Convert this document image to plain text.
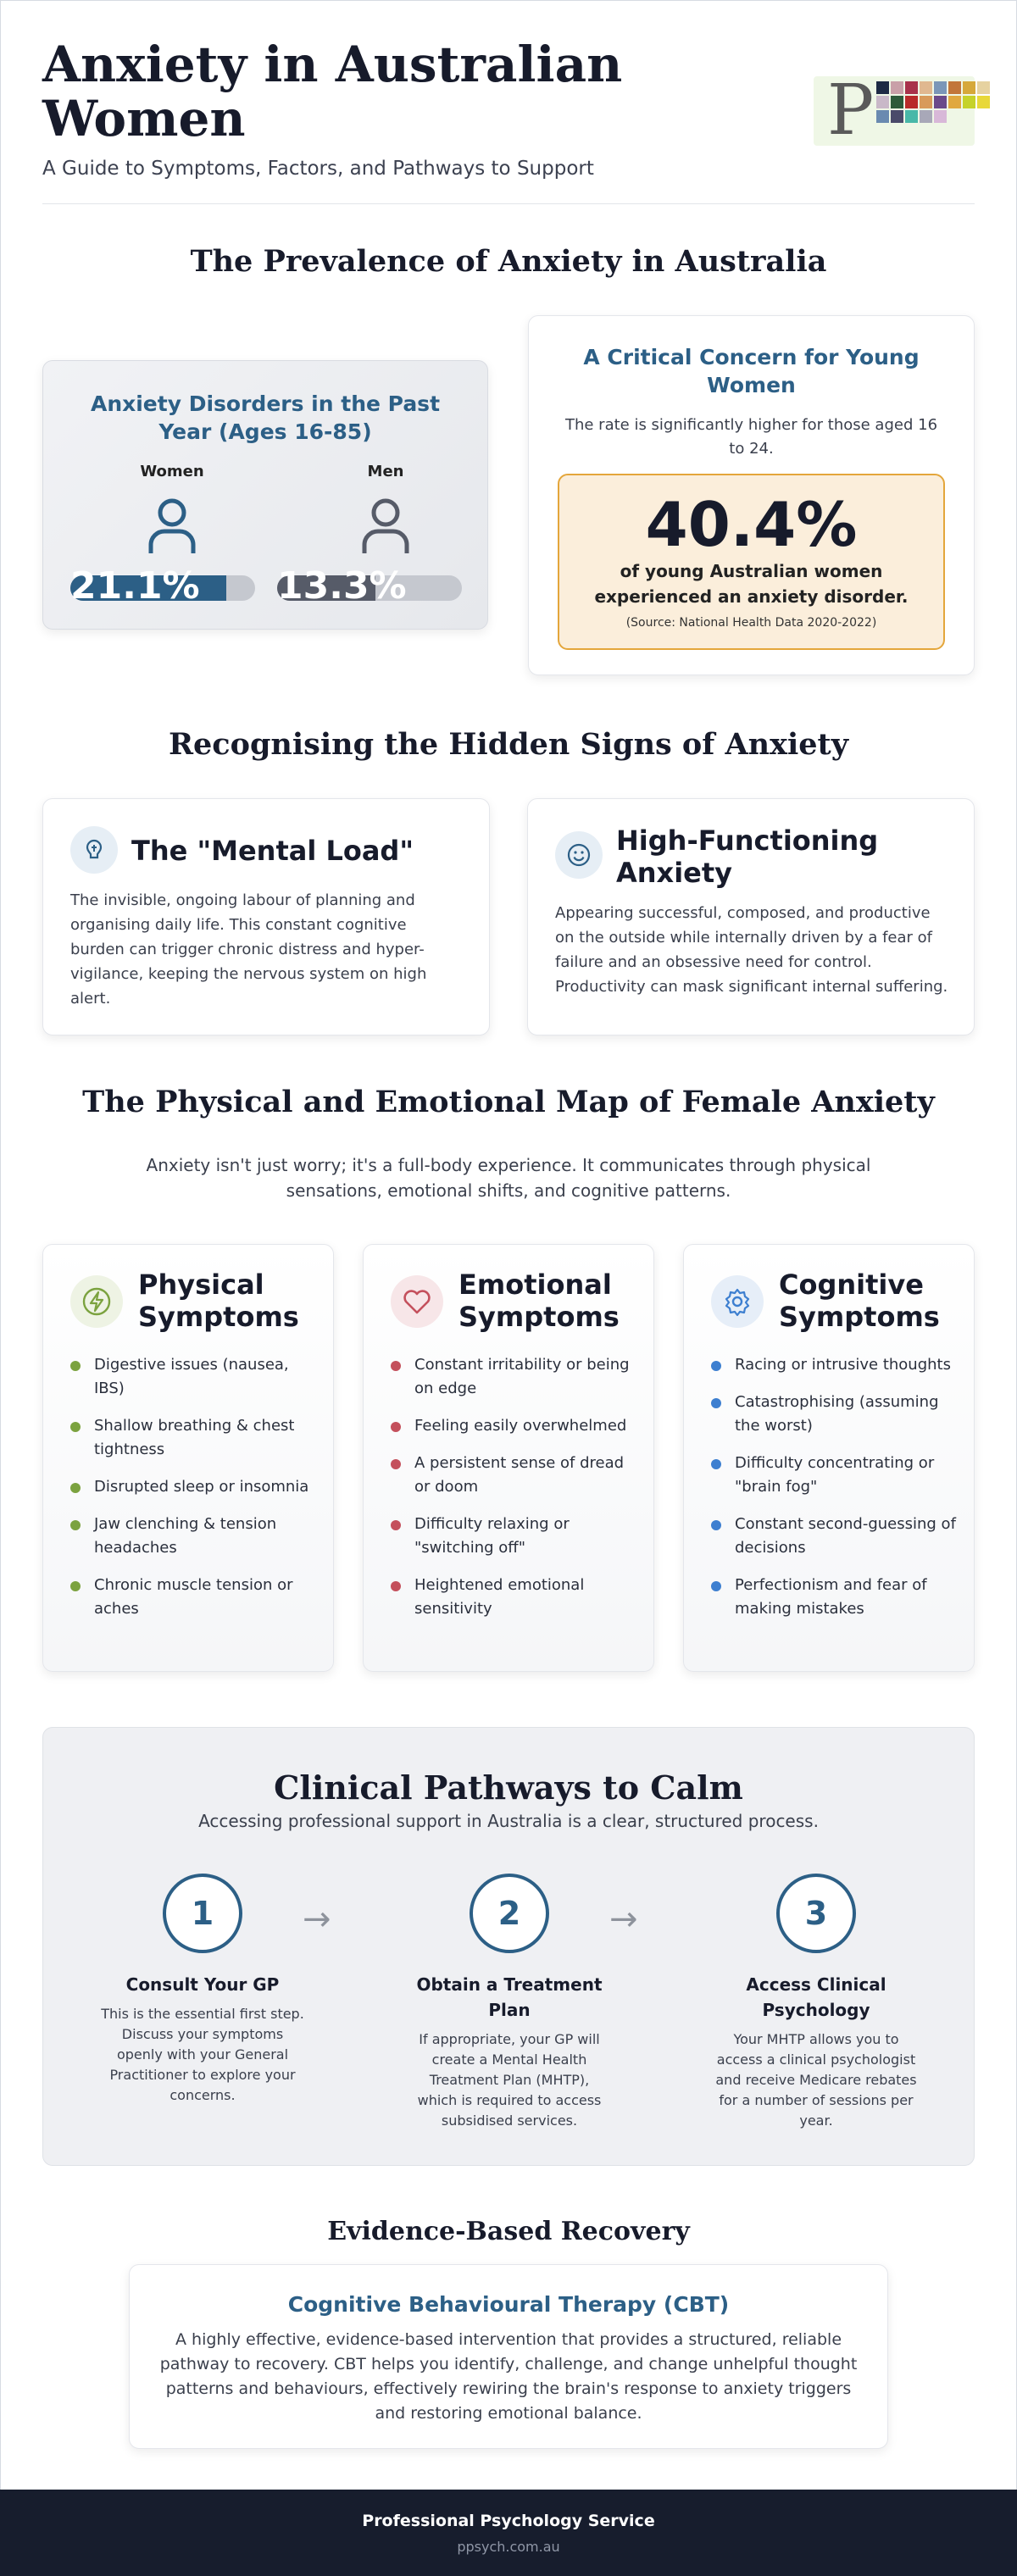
Anxiety in Australian Women
A Guide to Symptoms, Factors, and Pathways to Support
P
The Prevalence of Anxiety in Australia
Anxiety Disorders in the Past Year (Ages 16-85)
Women	Men
21.1% 13.3%
A Critical Concern for Young Women
The rate is significantly higher for those aged 16 to 24.
40.4%
of young Australian women experienced an anxiety disorder.
(Source: National Health Data 2020-2022)
Recognising the Hidden Signs of Anxiety
The "Mental Load"

The invisible, ongoing labour of planning and organising daily life. This constant cognitive burden can trigger chronic distress and hyper-vigilance, keeping the nervous system on high alert.

High-Functioning Anxiety

Appearing successful, composed, and productive on the outside while internally driven by a fear of failure and an obsessive need for control. Productivity can mask significant internal suffering.

The Physical and Emotional Map of Female Anxiety
Anxiety isn't just worry; it's a full-body experience. It communicates through physical sensations, emotional shifts, and cognitive patterns.
Physical Symptoms
Digestive issues (nausea, IBS)
Shallow breathing & chest tightness
Disrupted sleep or insomnia
Jaw clenching & tension headaches
Chronic muscle tension or aches
Emotional Symptoms
Constant irritability or being on edge
Feeling easily overwhelmed
A persistent sense of dread or doom
Difficulty relaxing or "switching off"
Heightened emotional sensitivity
Cognitive Symptoms
Racing or intrusive thoughts
Catastrophising (assuming the worst)
Difficulty concentrating or "brain fog"
Constant second-guessing of decisions
Perfectionism and fear of making mistakes
Clinical Pathways to Calm
Accessing professional support in Australia is a clear, structured process.
1
Consult Your GP

This is the essential first step. Discuss your symptoms openly with your General Practitioner to explore your concerns.

→	2
Obtain a Treatment Plan

If appropriate, your GP will create a Mental Health Treatment Plan (MHTP), which is required to access subsidised services.

→	3
Access Clinical Psychology

Your MHTP allows you to access a clinical psychologist and receive Medicare rebates for a number of sessions per year.

Evidence-Based Recovery
Cognitive Behavioural Therapy (CBT)

A highly effective, evidence-based intervention that provides a structured, reliable pathway to recovery. CBT helps you identify, challenge, and change unhelpful thought patterns and behaviours, effectively rewiring the brain's response to anxiety triggers and restoring emotional balance.

Professional Psychology Service
ppsych.com.au
